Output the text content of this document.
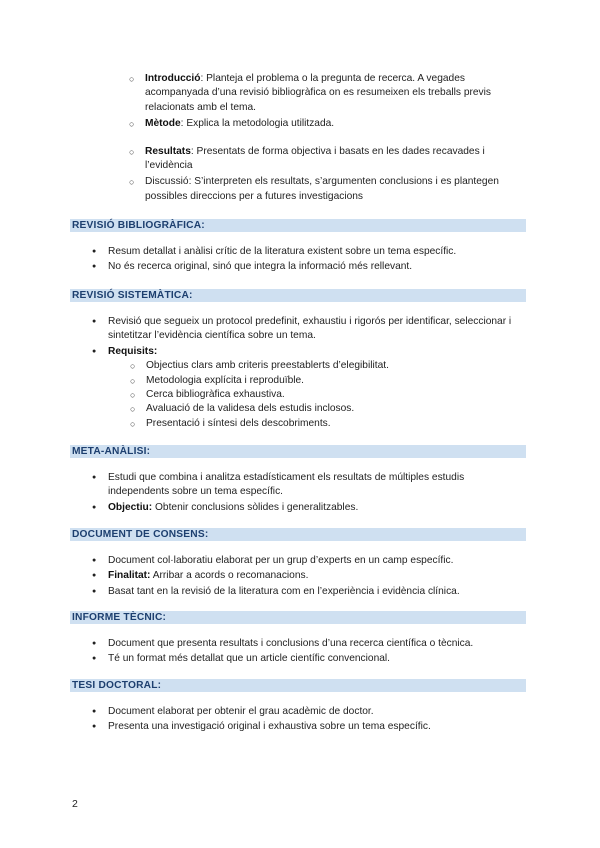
○ Introducció: Planteja el problema o la pregunta de recerca. A vegades acompanyada d’una revisió bibliogràfica on es resumeixen els treballs previs relacionats amb el tema.
○ Mètode: Explica la metodologia utilitzada.
○ Resultats: Presentats de forma objectiva i basats en les dades recavades i l’evidència
○ Discussió: S’interpreten els resultats, s’argumenten conclusions i es plantegen possibles direccions per a futures investigacions
REVISIÓ BIBLIOGRÀFICA:
● Resum detallat i anàlisi crític de la literatura existent sobre un tema específic.
● No és recerca original, sinó que integra la informació més rellevant.
REVISIÓ SISTEMÀTICA:
● Revisió que segueix un protocol predefinit, exhaustiu i rigorós per identificar, seleccionar i sintetitzar l’evidència científica sobre un tema.
● Requisits:
○ Objectius clars amb criteris preestablerts d’elegibilitat.
○ Metodologia explícita i reproduïble.
○ Cerca bibliogràfica exhaustiva.
○ Avaluació de la validesa dels estudis inclosos.
○ Presentació i síntesi dels descobriments.
META-ANÀLISI:
● Estudi que combina i analitza estadísticament els resultats de múltiples estudis independents sobre un tema específic.
● Objectiu: Obtenir conclusions sòlides i generalitzables.
DOCUMENT DE CONSENS:
● Document col·laboratiu elaborat per un grup d’experts en un camp específic.
● Finalitat: Arribar a acords o recomanacions.
● Basat tant en la revisió de la literatura com en l’experiència i evidència clínica.
INFORME TÈCNIC:
● Document que presenta resultats i conclusions d’una recerca científica o tècnica.
● Té un format més detallat que un article científic convencional.
TESI DOCTORAL:
● Document elaborat per obtenir el grau acadèmic de doctor.
● Presenta una investigació original i exhaustiva sobre un tema específic.
2
